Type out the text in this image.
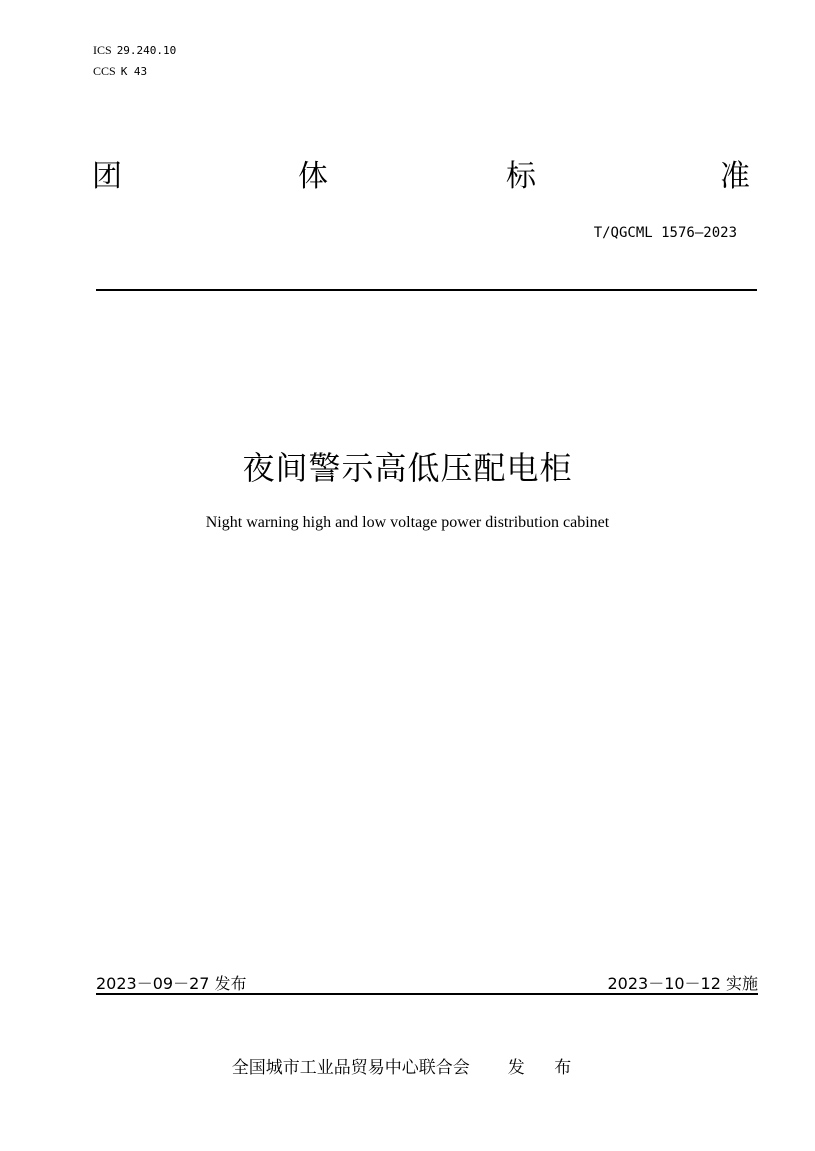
ICS 29.240.10
CCS K 43
团	体	标	准
T/QGCML 1576—2023
夜间警示高低压配电柜
Night warning high and low voltage power distribution cabinet
2023－09－27 发布	2023－10－12 实施
全国城市工业品贸易中心联合会 发 布
